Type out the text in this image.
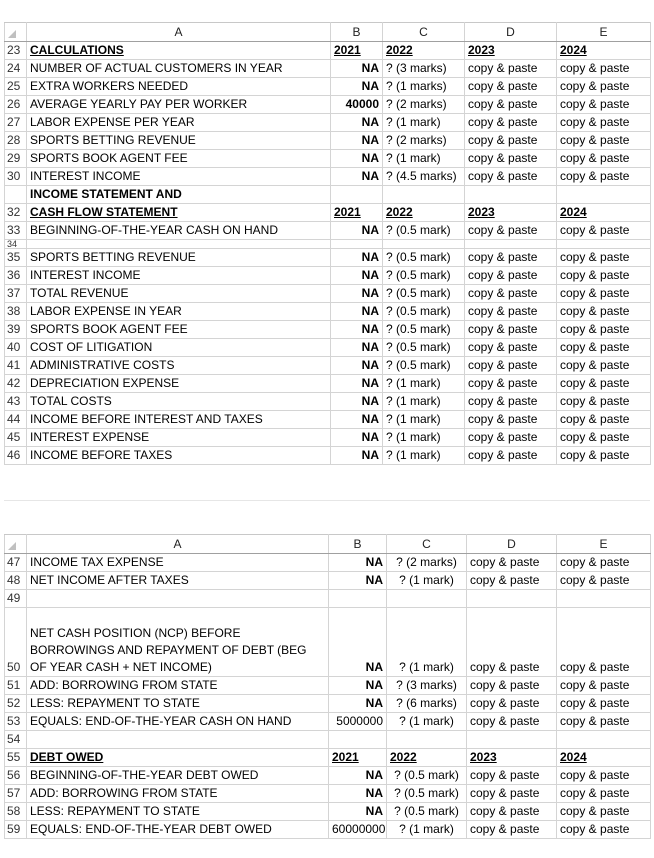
	A	B	C	D	E
23	CALCULATIONS	2021	2022	2023	2024
24	NUMBER OF ACTUAL CUSTOMERS IN YEAR	NA	? (3 marks)	copy & paste	copy & paste
25	EXTRA WORKERS NEEDED	NA	? (1 marks)	copy & paste	copy & paste
26	AVERAGE YEARLY PAY PER WORKER	40000	? (2 marks)	copy & paste	copy & paste
27	LABOR EXPENSE PER YEAR	NA	? (1 mark)	copy & paste	copy & paste
28	SPORTS BETTING REVENUE	NA	? (2 marks)	copy & paste	copy & paste
29	SPORTS BOOK AGENT FEE	NA	? (1 mark)	copy & paste	copy & paste
30	INTEREST INCOME	NA	? (4.5 marks)	copy & paste	copy & paste
	INCOME STATEMENT AND				
32	CASH FLOW STATEMENT	2021	2022	2023	2024
33	BEGINNING-OF-THE-YEAR CASH ON HAND	NA	? (0.5 mark)	copy & paste	copy & paste
34					
35	SPORTS BETTING REVENUE	NA	? (0.5 mark)	copy & paste	copy & paste
36	INTEREST INCOME	NA	? (0.5 mark)	copy & paste	copy & paste
37	TOTAL REVENUE	NA	? (0.5 mark)	copy & paste	copy & paste
38	LABOR EXPENSE IN YEAR	NA	? (0.5 mark)	copy & paste	copy & paste
39	SPORTS BOOK AGENT FEE	NA	? (0.5 mark)	copy & paste	copy & paste
40	COST OF LITIGATION	NA	? (0.5 mark)	copy & paste	copy & paste
41	ADMINISTRATIVE COSTS	NA	? (0.5 mark)	copy & paste	copy & paste
42	DEPRECIATION EXPENSE	NA	? (1 mark)	copy & paste	copy & paste
43	TOTAL COSTS	NA	? (1 mark)	copy & paste	copy & paste
44	INCOME BEFORE INTEREST AND TAXES	NA	? (1 mark)	copy & paste	copy & paste
45	INTEREST EXPENSE	NA	? (1 mark)	copy & paste	copy & paste
46	INCOME BEFORE TAXES	NA	? (1 mark)	copy & paste	copy & paste
	A	B	C	D	E
47	INCOME TAX EXPENSE	NA	? (2 marks)	copy & paste	copy & paste
48	NET INCOME AFTER TAXES	NA	? (1 mark)	copy & paste	copy & paste
49					
50	NET CASH POSITION (NCP) BEFORE BORROWINGS AND REPAYMENT OF DEBT (BEG OF YEAR CASH + NET INCOME)	NA	? (1 mark)	copy & paste	copy & paste
51	ADD: BORROWING FROM STATE	NA	? (3 marks)	copy & paste	copy & paste
52	LESS: REPAYMENT TO STATE	NA	? (6 marks)	copy & paste	copy & paste
53	EQUALS: END-OF-THE-YEAR CASH ON HAND	5000000	? (1 mark)	copy & paste	copy & paste
54					
55	DEBT OWED	2021	2022	2023	2024
56	BEGINNING-OF-THE-YEAR DEBT OWED	NA	? (0.5 mark)	copy & paste	copy & paste
57	ADD: BORROWING FROM STATE	NA	? (0.5 mark)	copy & paste	copy & paste
58	LESS: REPAYMENT TO STATE	NA	? (0.5 mark)	copy & paste	copy & paste
59	EQUALS: END-OF-THE-YEAR DEBT OWED	60000000	? (1 mark)	copy & paste	copy & paste
